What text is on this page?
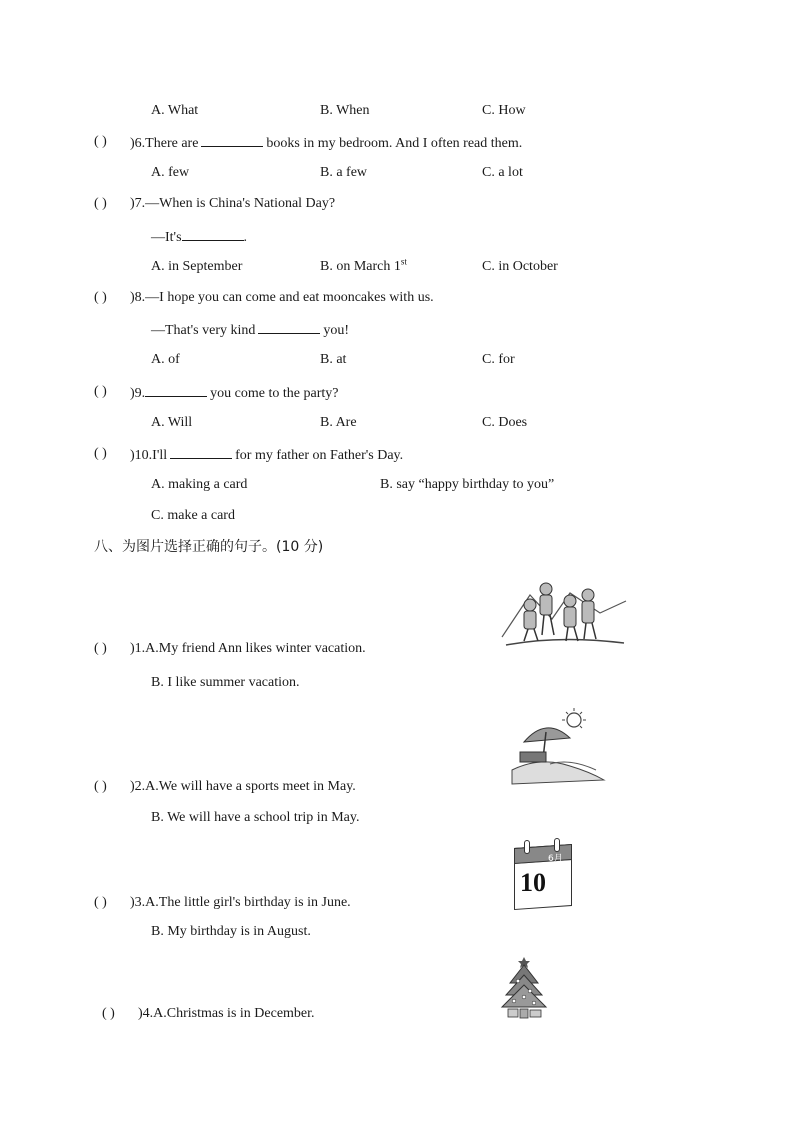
A. What	B. When	C. How
( ) )6.There are	books in my bedroom. And I often read them.
A. few	B. a few	C. a lot
( ) )7.—When is China's National Day?
—It's	.
A. in September	B. on March 1st	C. in October
( ) )8.—I hope you can come and eat mooncakes with us.
—That's very kind	you!
A. of	B. at	C. for
( ) )9.	you come to the party?
A. Will	B. Are	C. Does
( ) )10.I'll	for my father on Father's Day.
A. making a card	B. say “happy birthday to you”
C. make a card
八、为图片选择正确的句子。(10 分)
( ) )1.A.My friend Ann likes winter vacation.
B. I like summer vacation.
( ) )2.A.We will have a sports meet in May.
B. We will have a school trip in May.
6月
10
( ) )3.A.The little girl's birthday is in June.
B. My birthday is in August.
( ) )4.A.Christmas is in December.
